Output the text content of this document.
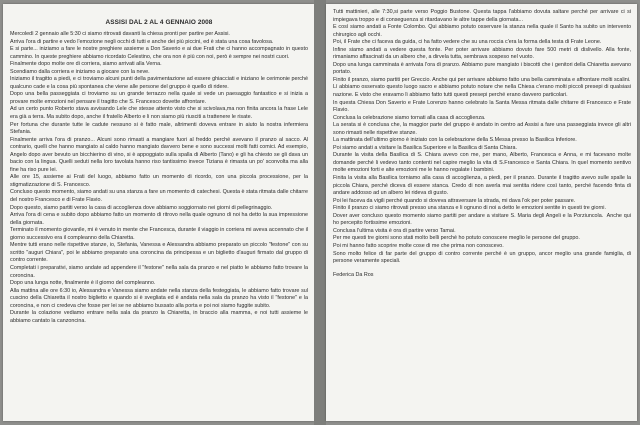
ASSISI DAL 2 AL 4 GENNAIO 2008
Mercoledì 2 gennaio alle 5:30 ci siamo ritrovati davanti la chiesa pronti per partire per Assisi.
Arriva l'ora di partire e vedo l'emozione negli occhi di tutti e anche dei più piccini, ed è stata una cosa favolosa.
E si parte... iniziamo a fare le nostre preghiere assieme a Don Saverio e ai due Frati che ci hanno accompagnato in questo cammino. In queste preghiere abbiamo ricordato Celestino, che ora non è più con noi, però è sempre nei nostri cuori.
Finalmente dopo molte ore di corriera, siamo arrivati alla Verna.
Scendiamo dalla corriera e iniziamo a giocare con la neve.
Iniziamo il tragitto a piedi, e ci troviamo alcuni punti della pavimentazione ad essere ghiacciati e iniziano le cerimonie perché qualcuno cade e la cosa più spontanea che viene alle persone del gruppo è quello di ridere.
Dopo una bella passeggiata ci troviamo su un grande terrazzo nella quale si vede un paesaggio fantastico e si inizia a provare molte emozioni nel pensare il tragitto che S. Francesco dovette affrontare.
Ad un certo punto Roberto stava avvisando Lele che stesse attento visto che si scivolava,ma non finita ancora la frase Lele era già a terra. Ma subito dopo, anche il fratello Alberto e li non siamo più riusciti a trattenere le risate.
Per fortuna che durante tutte le cadute nessuno si è fatto male, altrimenti doveva entrare in aiuto la nostra infermiera Stefania.
Finalmente arriva l'ora di pranzo... Alcuni sono rimasti a mangiare fuori al freddo perché avevano il pranzo al sacco. Al contrario, quelli che hanno mangiato al caldo hanno mangiato davvero bene e sono successi molti fatti comici. Ad esempio, Angelo dopo aver bevuto un bicchierino di vino, si è appoggiato sulla spalla di Alberto (Tano) e gli ha chiesto se gli dava un bacio con la lingua. Quelli seduti nella loro tavolata hanno riso tantissimo invece Tiziana è rimasta un po' sconvolta ma alla fine ha riso pure lei.
Alle ore 15, assieme ai Frati del luogo, abbiamo fatto un momento di ricordo, con una piccola processione, per la stigmatizzazione di S. Francesco.
Concluso questo momento, siamo andati su una stanza a fare un momento di catechesi. Questa è stata ritmata dalle chitarre del nostro Francesco e di Frate Flavio.
Dopo questo, siamo partiti verso la casa di accoglienza dove abbiamo soggiornato nei giorni di pellegrinaggio.
Arriva l'ora di cena e subito dopo abbiamo fatto un momento di ritrovo nella quale ognuno di noi ha detto la sua impressione della giornata.
Terminato il momento giovanile, mi è venuto in mente che Francesca, durante il viaggio in corriera mi aveva accennato che il giorno successivo era il compleanno della Chiaretta.
Mentre tutti erano nelle rispettive stanze, io, Stefania, Vanessa e Alessandra abbiamo preparato un piccolo "festone" con su scritto "auguri Chiara", poi le abbiamo preparato una coroncina da principessa e un biglietto d'auguri firmato dal gruppo di contro corrente.
Completati i preparativi, siamo andate ad appendere il "festone" nella sala da pranzo e nel piatto le abbiamo fatto trovare la coroncina.
Dopo una lunga notte, finalmente è il giorno del compleanno.
Alla mattina alle ore 6:30 io, Alessandra e Vanessa siamo andate nella stanza della festeggiata, le abbiamo fatto trovare sul cuscino della Chiaretta il nostro biglietto e quando si è svegliata ed è andata nella sala da pranzo ha visto il "festone" e la coroncina, e non ci credeva che fosse per lei se ne abbiamo bussato alla porta e poi noi siamo fuggite subito.
Durante la colazione vediamo entrare nella sala da pranzo la Chiaretta, in braccio alla mamma, e noi tutti assieme le abbiamo cantato la canzoncina.
Tutti mattinieri, alle 7:30,si parte verso Poggio Bustone. Questa tappa l'abbiamo dovuta saltare perché per arrivare ci si impiegava troppo e di conseguenza si ritardavano le altre tappe della giornata...
E così siamo andati a Fonte Colombo. Qui abbiamo potuto osservare la stanza nella quale il Santo ha subito un intervento chirurgico agli occhi.
Poi, il Frate che ci faceva da guida, ci ha fatto vedere che su una roccia c'era la forma della testa di Frate Leone.
Infine siamo andati a vedere questa fonte. Per poter arrivare abbiamo dovuto fare 500 metri di dislivello. Alla fonte, rimaniamo affascinati da un albero che, a dirvela tutta, sembrava sospeso nel vuoto.
Dopo una lunga camminata è arrivata l'ora di pranzo. Abbiamo pure mangiato i biscotti che i genitori della Chiaretta avevano portato.
Finito il pranzo, siamo partiti per Greccio. Anche qui per arrivare abbiamo fatto una bella camminata e affrontare molti scalini.
Lì abbiamo osservato questo luogo sacro e abbiamo potuto notare che nella Chiesa c'erano molti piccoli presepi di qualsiasi nazione. E visto che eravamo lì abbiamo fatto tutti questi presepi perché erano davvero particolari.
In questa Chiesa Don Saverio e Frate Lorenzo hanno celebrato la Santa Messa ritmata dalle chitarre di Francesco e Frate Flavio.
Conclusa la celebrazione siamo tornati alla casa di accoglienza.
La serata si è conclusa che, la maggior parte del gruppo è andato in centro ad Assisi a fare una passeggiata invece gli altri sono rimasti nelle rispettive stanze.
La mattinata dell'ultimo giorno è iniziato con la celebrazione della S.Messa presso la Basilica Inferiore.
Poi siamo andati a visitare la Basilica Superiore e la Basilica di Santa Chiara.
Durante la visita della Basilica di S. Chiara avevo con me, per mano, Alberto, Francesca e Anna, e mi facevano molte domande perché li vedevo tanto contenti nel capire meglio la vita di S.Francesco e Santa Chiara. In quel momento sentivo molte emozioni forti e alte emozioni me le hanno regalate i bambini.
Finita la visita alla Basilica torniamo alla casa di accoglienza, a piedi, per il pranzo. Durante il tragitto avevo sulle spalle la piccola Chiara, perché diceva di essere stanca. Credo di non averla mai sentita ridere così tanto, perché facendo finta di andare addosso ad un albero lei rideva di gusto.
Poi lei faceva da vigili perché quando si doveva attraversare la strada, mi dava l'ok per poter passare.
Finito il pranzo ci siamo ritrovati presso una stanza e li ognuno di noi a detto le emozioni sentite in questi tre giorni.
Dover aver concluso questo momento siamo partiti per andare a visitare S. Maria degli Angeli e la Porziuncola.  Anche qui ho percepito fortissime emozioni.
Conclusa l'ultima visita è ora di partire verso Tamai.
Per me questi tre giorni sono stati molto belli perché ho potuto conoscere meglio le persone del gruppo.
Poi mi hanno fatto scoprire molte cose di me che prima non conoscevo.
Sono molto felice di far parte del gruppo di contro corrente perché è un gruppo, ancor meglio una grande famiglia, di persone veramente speciali.
Federica Da Ros
